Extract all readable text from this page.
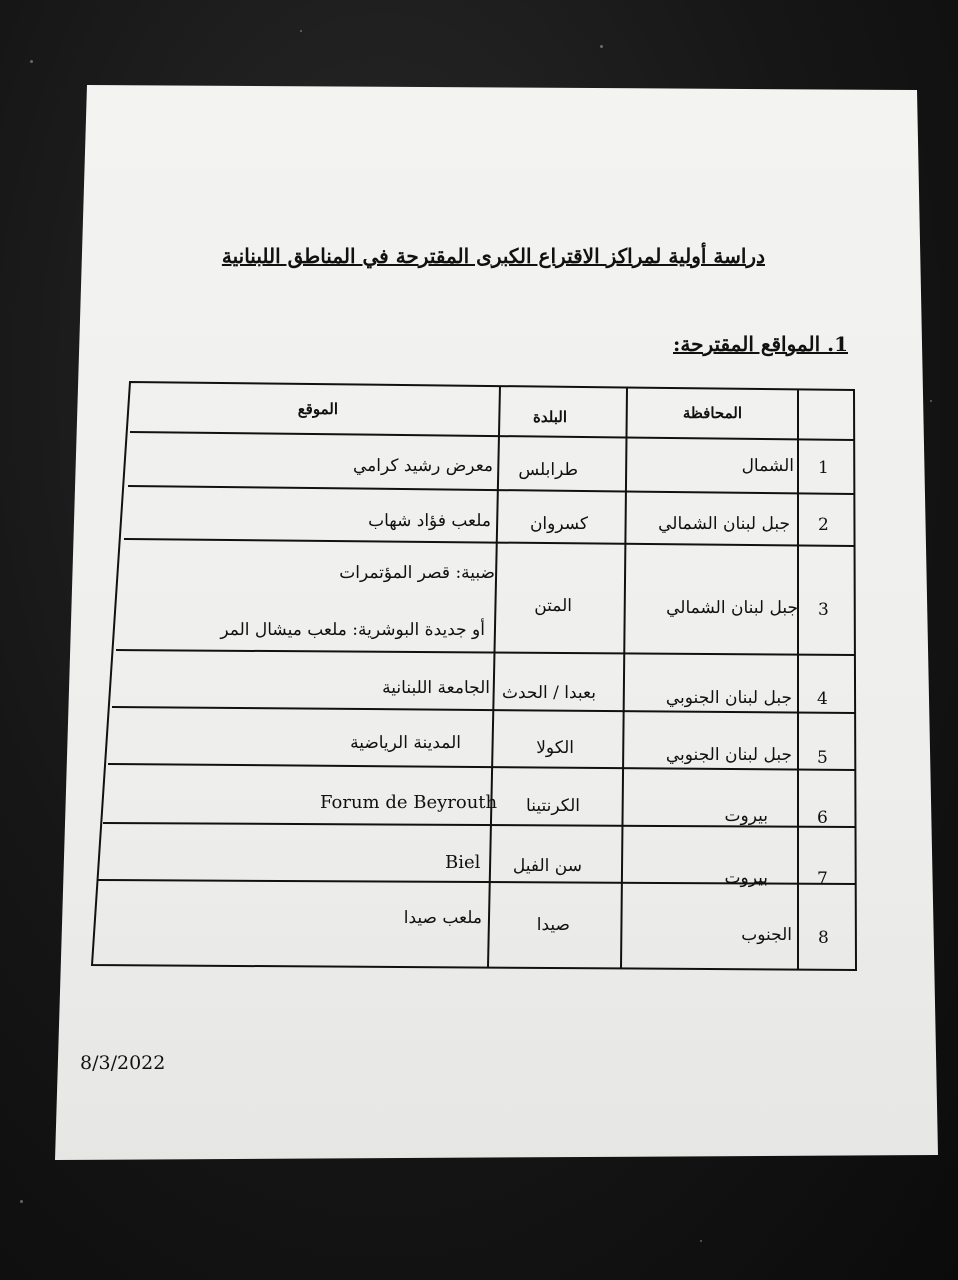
دراسة أولية لمراكز الاقتراع الكبرى المقترحة في المناطق اللبنانية
1. المواقع المقترحة:
المحافظة
البلدة
الموقع
1
الشمال
طرابلس
معرض رشيد كرامي
2
جبل لبنان الشمالي
كسروان
ملعب فؤاد شهاب
3
جبل لبنان الشمالي
المتن
ضبية: قصر المؤتمرات
أو جديدة البوشرية: ملعب ميشال المر
4
جبل لبنان الجنوبي
بعبدا / الحدث
الجامعة اللبنانية
5
جبل لبنان الجنوبي
الكولا
المدينة الرياضية
6
بيروت
الكرنتينا
Forum de Beyrouth
7
بيروت
سن الفيل
Biel
8
الجنوب
صيدا
ملعب صيدا
8/3/2022
